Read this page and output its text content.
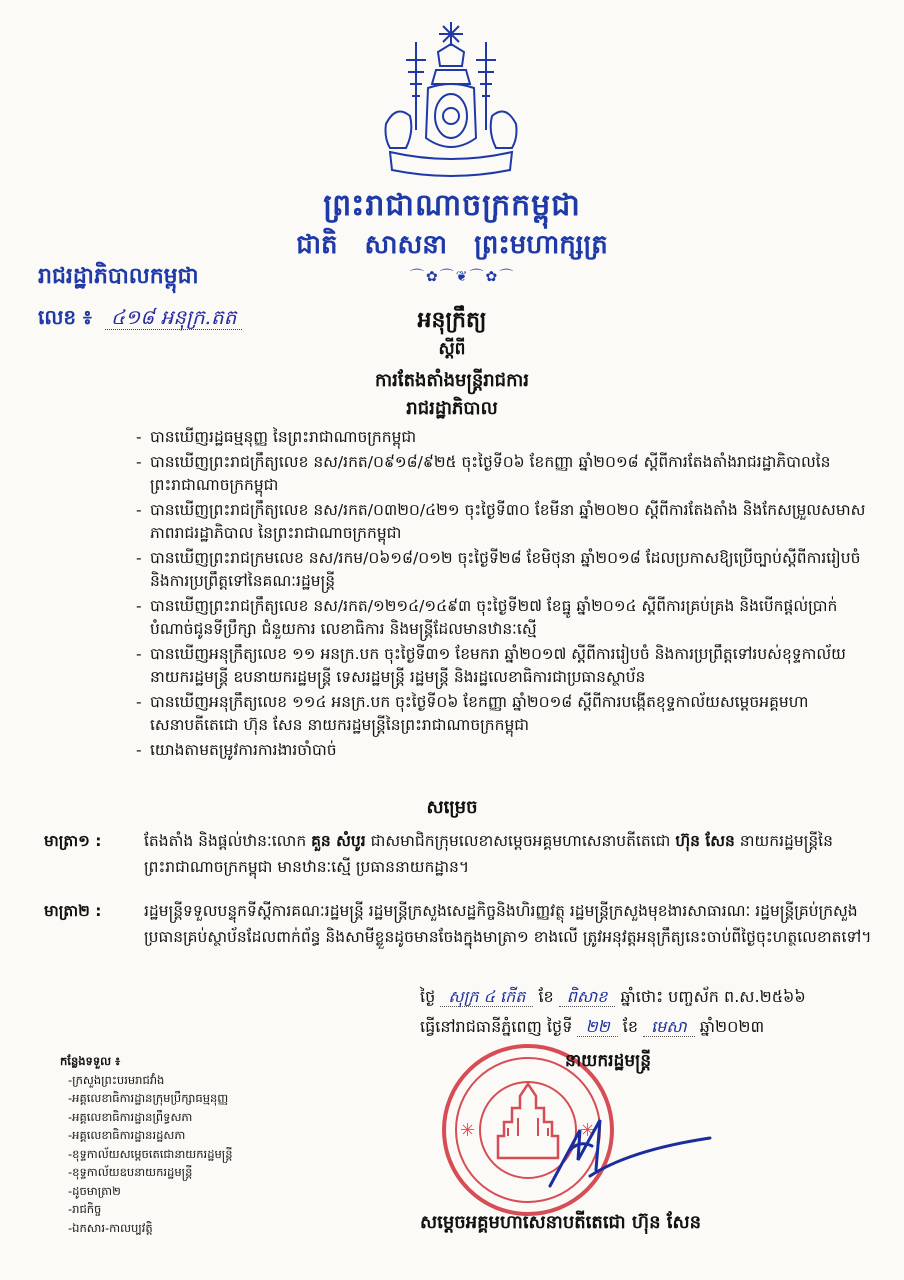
ព្រះរាជាណាចក្រកម្ពុជា
ជាតិ សាសនា ព្រះមហាក្សត្រ
⌒✿⌒❦⌒✿⌒
រាជរដ្ឋាភិបាលកម្ពុជា
លេខ ៖ ៤១៨ អនុក្រ.តត	អនុក្រឹត្យ
ស្តីពី
ការតែងតាំងមន្ត្រីរាជការ
រាជរដ្ឋាភិបាល
- បានឃើញរដ្ឋធម្មនុញ្ញ នៃព្រះរាជាណាចក្រកម្ពុជា
- បានឃើញព្រះរាជក្រឹត្យលេខ នស/រកត/០៩១៨/៩២៥ ចុះថ្ងៃទី០៦ ខែកញ្ញា ឆ្នាំ២០១៨ ស្តីពីការតែងតាំងរាជរដ្ឋាភិបាលនៃព្រះរាជាណាចក្រកម្ពុជា
- បានឃើញព្រះរាជក្រឹត្យលេខ នស/រកត/០៣២០/៤២១ ចុះថ្ងៃទី៣០ ខែមីនា ឆ្នាំ២០២០ ស្តីពីការតែងតាំង និងកែសម្រួលសមាសភាពរាជរដ្ឋាភិបាល នៃព្រះរាជាណាចក្រកម្ពុជា
- បានឃើញព្រះរាជក្រមលេខ នស/រកម/០៦១៨/០១២ ចុះថ្ងៃទី២៨ ខែមិថុនា ឆ្នាំ២០១៨ ដែលប្រកាសឱ្យប្រើច្បាប់ស្តីពីការរៀបចំ និងការប្រព្រឹត្តទៅនៃគណៈរដ្ឋមន្ត្រី
- បានឃើញព្រះរាជក្រឹត្យលេខ នស/រកត/១២១៤/១៤៩៣ ចុះថ្ងៃទី២៧ ខែធ្នូ ឆ្នាំ២០១៤ ស្តីពីការគ្រប់គ្រង និងបើកផ្តល់ប្រាក់បំណាច់ជូនទីប្រឹក្សា ជំនួយការ លេខាធិការ និងមន្ត្រីដែលមានឋានៈស្មើ
- បានឃើញអនុក្រឹត្យលេខ ១១ អនក្រ.បក ចុះថ្ងៃទី៣១ ខែមករា ឆ្នាំ២០១៧ ស្តីពីការរៀបចំ និងការប្រព្រឹត្តទៅរបស់ខុទ្ទកាល័យនាយករដ្ឋមន្ត្រី ឧបនាយករដ្ឋមន្ត្រី ទេសរដ្ឋមន្ត្រី រដ្ឋមន្ត្រី និងរដ្ឋលេខាធិការជាប្រធានស្ថាប័ន
- បានឃើញអនុក្រឹត្យលេខ ១១៤ អនក្រ.បក ចុះថ្ងៃទី០៦ ខែកញ្ញា ឆ្នាំ២០១៨ ស្តីពីការបង្កើតខុទ្ទកាល័យសម្តេចអគ្គមហាសេនាបតីតេជោ ហ៊ុន សែន នាយករដ្ឋមន្ត្រីនៃព្រះរាជាណាចក្រកម្ពុជា
- យោងតាមតម្រូវការការងារចាំបាច់
សម្រេច
មាត្រា១ :	តែងតាំង និងផ្តល់ឋានៈលោក គួន សំបូរ ជាសមាជិកក្រុមលេខាសម្តេចអគ្គមហាសេនាបតីតេជោ ហ៊ុន សែន នាយករដ្ឋមន្ត្រីនៃព្រះរាជាណាចក្រកម្ពុជា មានឋានៈស្មើ ប្រធាននាយកដ្ឋាន។
មាត្រា២ :	រដ្ឋមន្ត្រីទទួលបន្ទុកទីស្តីការគណៈរដ្ឋមន្ត្រី រដ្ឋមន្ត្រីក្រសួងសេដ្ឋកិច្ចនិងហិរញ្ញវត្ថុ រដ្ឋមន្ត្រីក្រសួងមុខងារសាធារណៈ រដ្ឋមន្ត្រីគ្រប់ក្រសួង ប្រធានគ្រប់ស្ថាប័នដែលពាក់ព័ន្ធ និងសាមីខ្លួនដូចមានចែងក្នុងមាត្រា១ ខាងលើ ត្រូវអនុវត្តអនុក្រឹត្យនេះចាប់ពីថ្ងៃចុះហត្ថលេខាតទៅ។
ថ្ងៃ សុក្រ ៤ កើត ខែ ពិសាខ ឆ្នាំថោះ បញ្ចស័ក ព.ស.២៥៦៦
ធ្វើនៅរាជធានីភ្នំពេញ ថ្ងៃទី ២២ ខែ មេសា ឆ្នាំ២០២៣
✳	✳
នាយករដ្ឋមន្ត្រី
សម្តេចអគ្គមហាសេនាបតីតេជោ ហ៊ុន សែន
កន្លែងទទួល ៖
-ក្រសួងព្រះបរមរាជវាំង
-អគ្គលេខាធិការដ្ឋានក្រុមប្រឹក្សាធម្មនុញ្ញ
-អគ្គលេខាធិការដ្ឋានព្រឹទ្ធសភា
-អគ្គលេខាធិការដ្ឋានរដ្ឋសភា
-ខុទ្ទកាល័យសម្តេចតេជោនាយករដ្ឋមន្ត្រី
-ខុទ្ទកាល័យឧបនាយករដ្ឋមន្ត្រី
-ដូចមាត្រា២
-រាជកិច្ច
-ឯកសារ-កាលប្បវត្តិ
